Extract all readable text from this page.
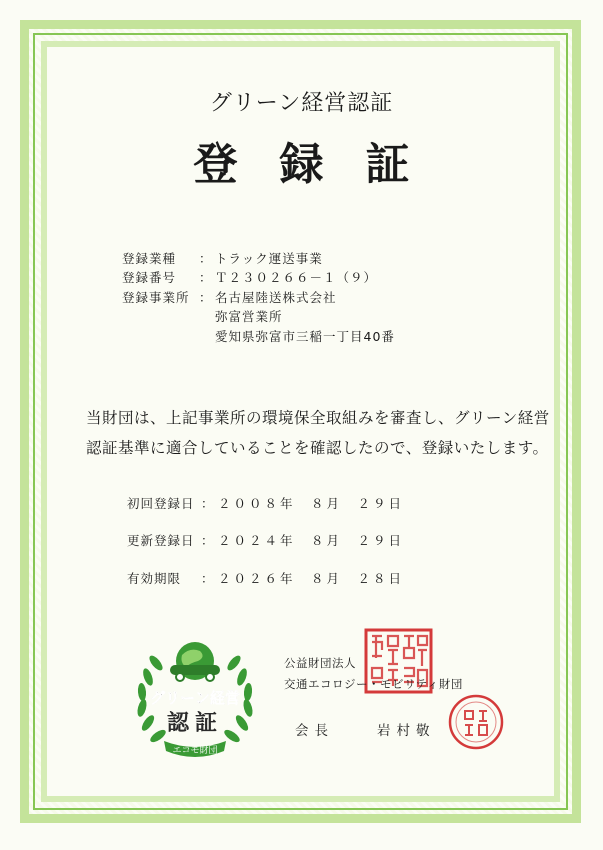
グリーン経営認証
登録証
登録業種 ： トラック運送事業
登録番号 ： Ｔ２３０２６６－１（９）
登録事業所 ： 名古屋陸送株式会社
弥富営業所
愛知県弥富市三稲一丁目40番
当財団は、上記事業所の環境保全取組みを審査し、グリーン経営
認証基準に適合していることを確認したので、登録いたします。
初回登録日 ： ２００８年　８月　２９日
更新登録日 ： ２０２４年　８月　２９日
有効期限 ： ２０２６年　８月　２８日
グリーン経営
認証
エコモ財団
公益財団法人
交通エコロジー・モビリティ財団
会長	岩村敬
